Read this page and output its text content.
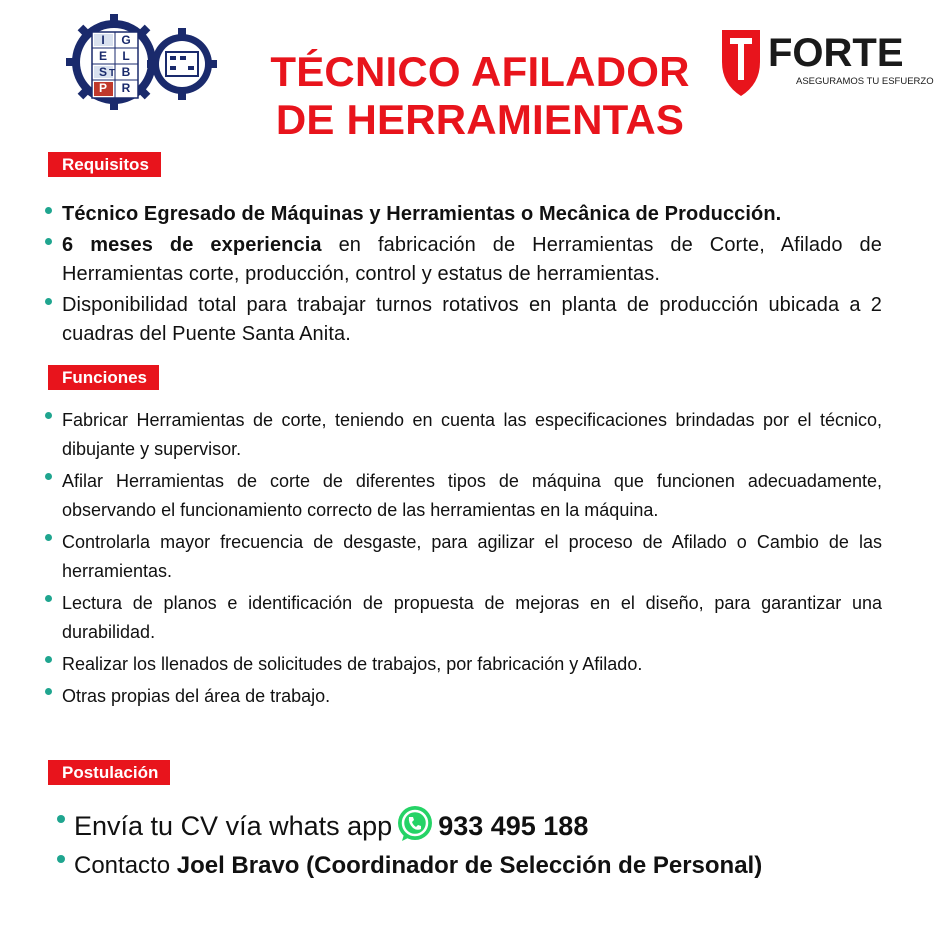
I
E
S
P
G
L
B
R
T	FORTE
ASEGURAMOS TU ESFUERZO
TÉCNICO AFILADOR
DE HERRAMIENTAS
Requisitos
Técnico Egresado de Máquinas y Herramientas o Mecânica de Producción.
6 meses de experiencia en fabricación de Herramientas de Corte, Afilado de Herramientas corte, producción, control y estatus de herramientas.
Disponibilidad total para trabajar turnos rotativos en planta de producción ubicada a 2 cuadras del Puente Santa Anita.
Funciones
Fabricar Herramientas de corte, teniendo en cuenta las especificaciones brindadas por el técnico, dibujante y supervisor.
Afilar Herramientas de corte de diferentes tipos de máquina que funcionen adecuadamente, observando el funcionamiento correcto de las herramientas en la máquina.
Controlarla mayor frecuencia de desgaste, para agilizar el proceso de Afilado o Cambio de las herramientas.
Lectura de planos e identificación de propuesta de mejoras en el diseño, para garantizar una durabilidad.
Realizar los llenados de solicitudes de trabajos, por fabricación y Afilado.
Otras propias del área de trabajo.
Postulación
Envía tu CV vía whats app 933 495 188
Contacto Joel Bravo (Coordinador de Selección de Personal)
